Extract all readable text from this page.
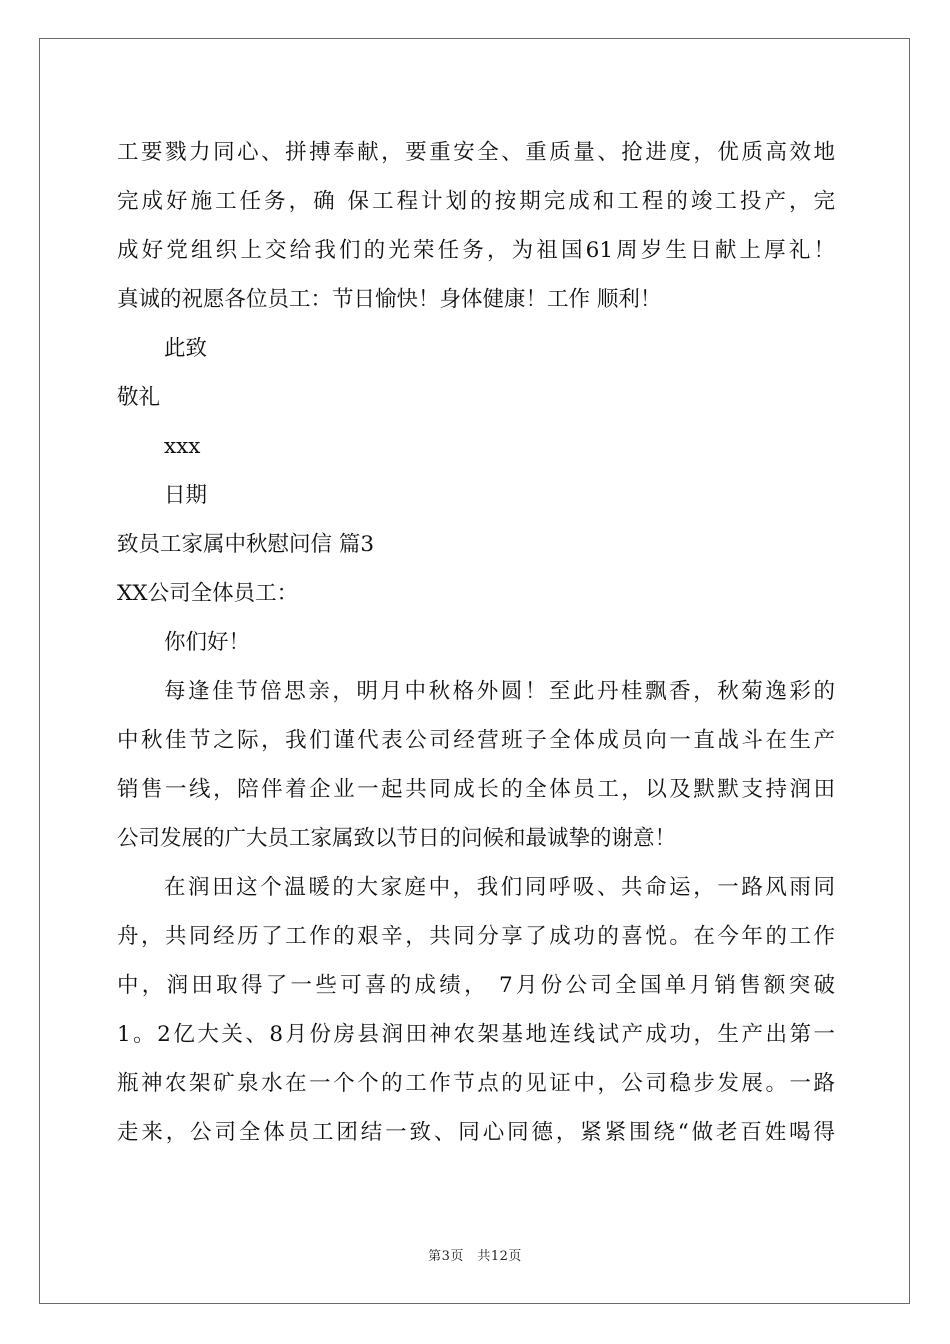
工要戮力同心、拼搏奉献，要重安全、重质量、抢进度，优质高效地
完成好施工任务，确 保工程计划的按期完成和工程的竣工投产，完
成好党组织上交给我们的光荣任务，为祖国61周岁生日献上厚礼！
真诚的祝愿各位员工：节日愉快！身体健康！工作 顺利！
此致
敬礼
xxx
日期
致员工家属中秋慰问信 篇3
XX公司全体员工：
你们好！
每逢佳节倍思亲，明月中秋格外圆！至此丹桂飘香，秋菊逸彩的
中秋佳节之际，我们谨代表公司经营班子全体成员向一直战斗在生产
销售一线，陪伴着企业一起共同成长的全体员工，以及默默支持润田
公司发展的广大员工家属致以节日的问候和最诚挚的谢意！
在润田这个温暖的大家庭中，我们同呼吸、共命运，一路风雨同
舟，共同经历了工作的艰辛，共同分享了成功的喜悦。在今年的工作
中，润田取得了一些可喜的成绩， 7月份公司全国单月销售额突破
1。2亿大关、8月份房县润田神农架基地连线试产成功，生产出第一
瓶神农架矿泉水在一个个的工作节点的见证中，公司稳步发展。一路
走来，公司全体员工团结一致、同心同德，紧紧围绕“做老百姓喝得
第3页　共12页
